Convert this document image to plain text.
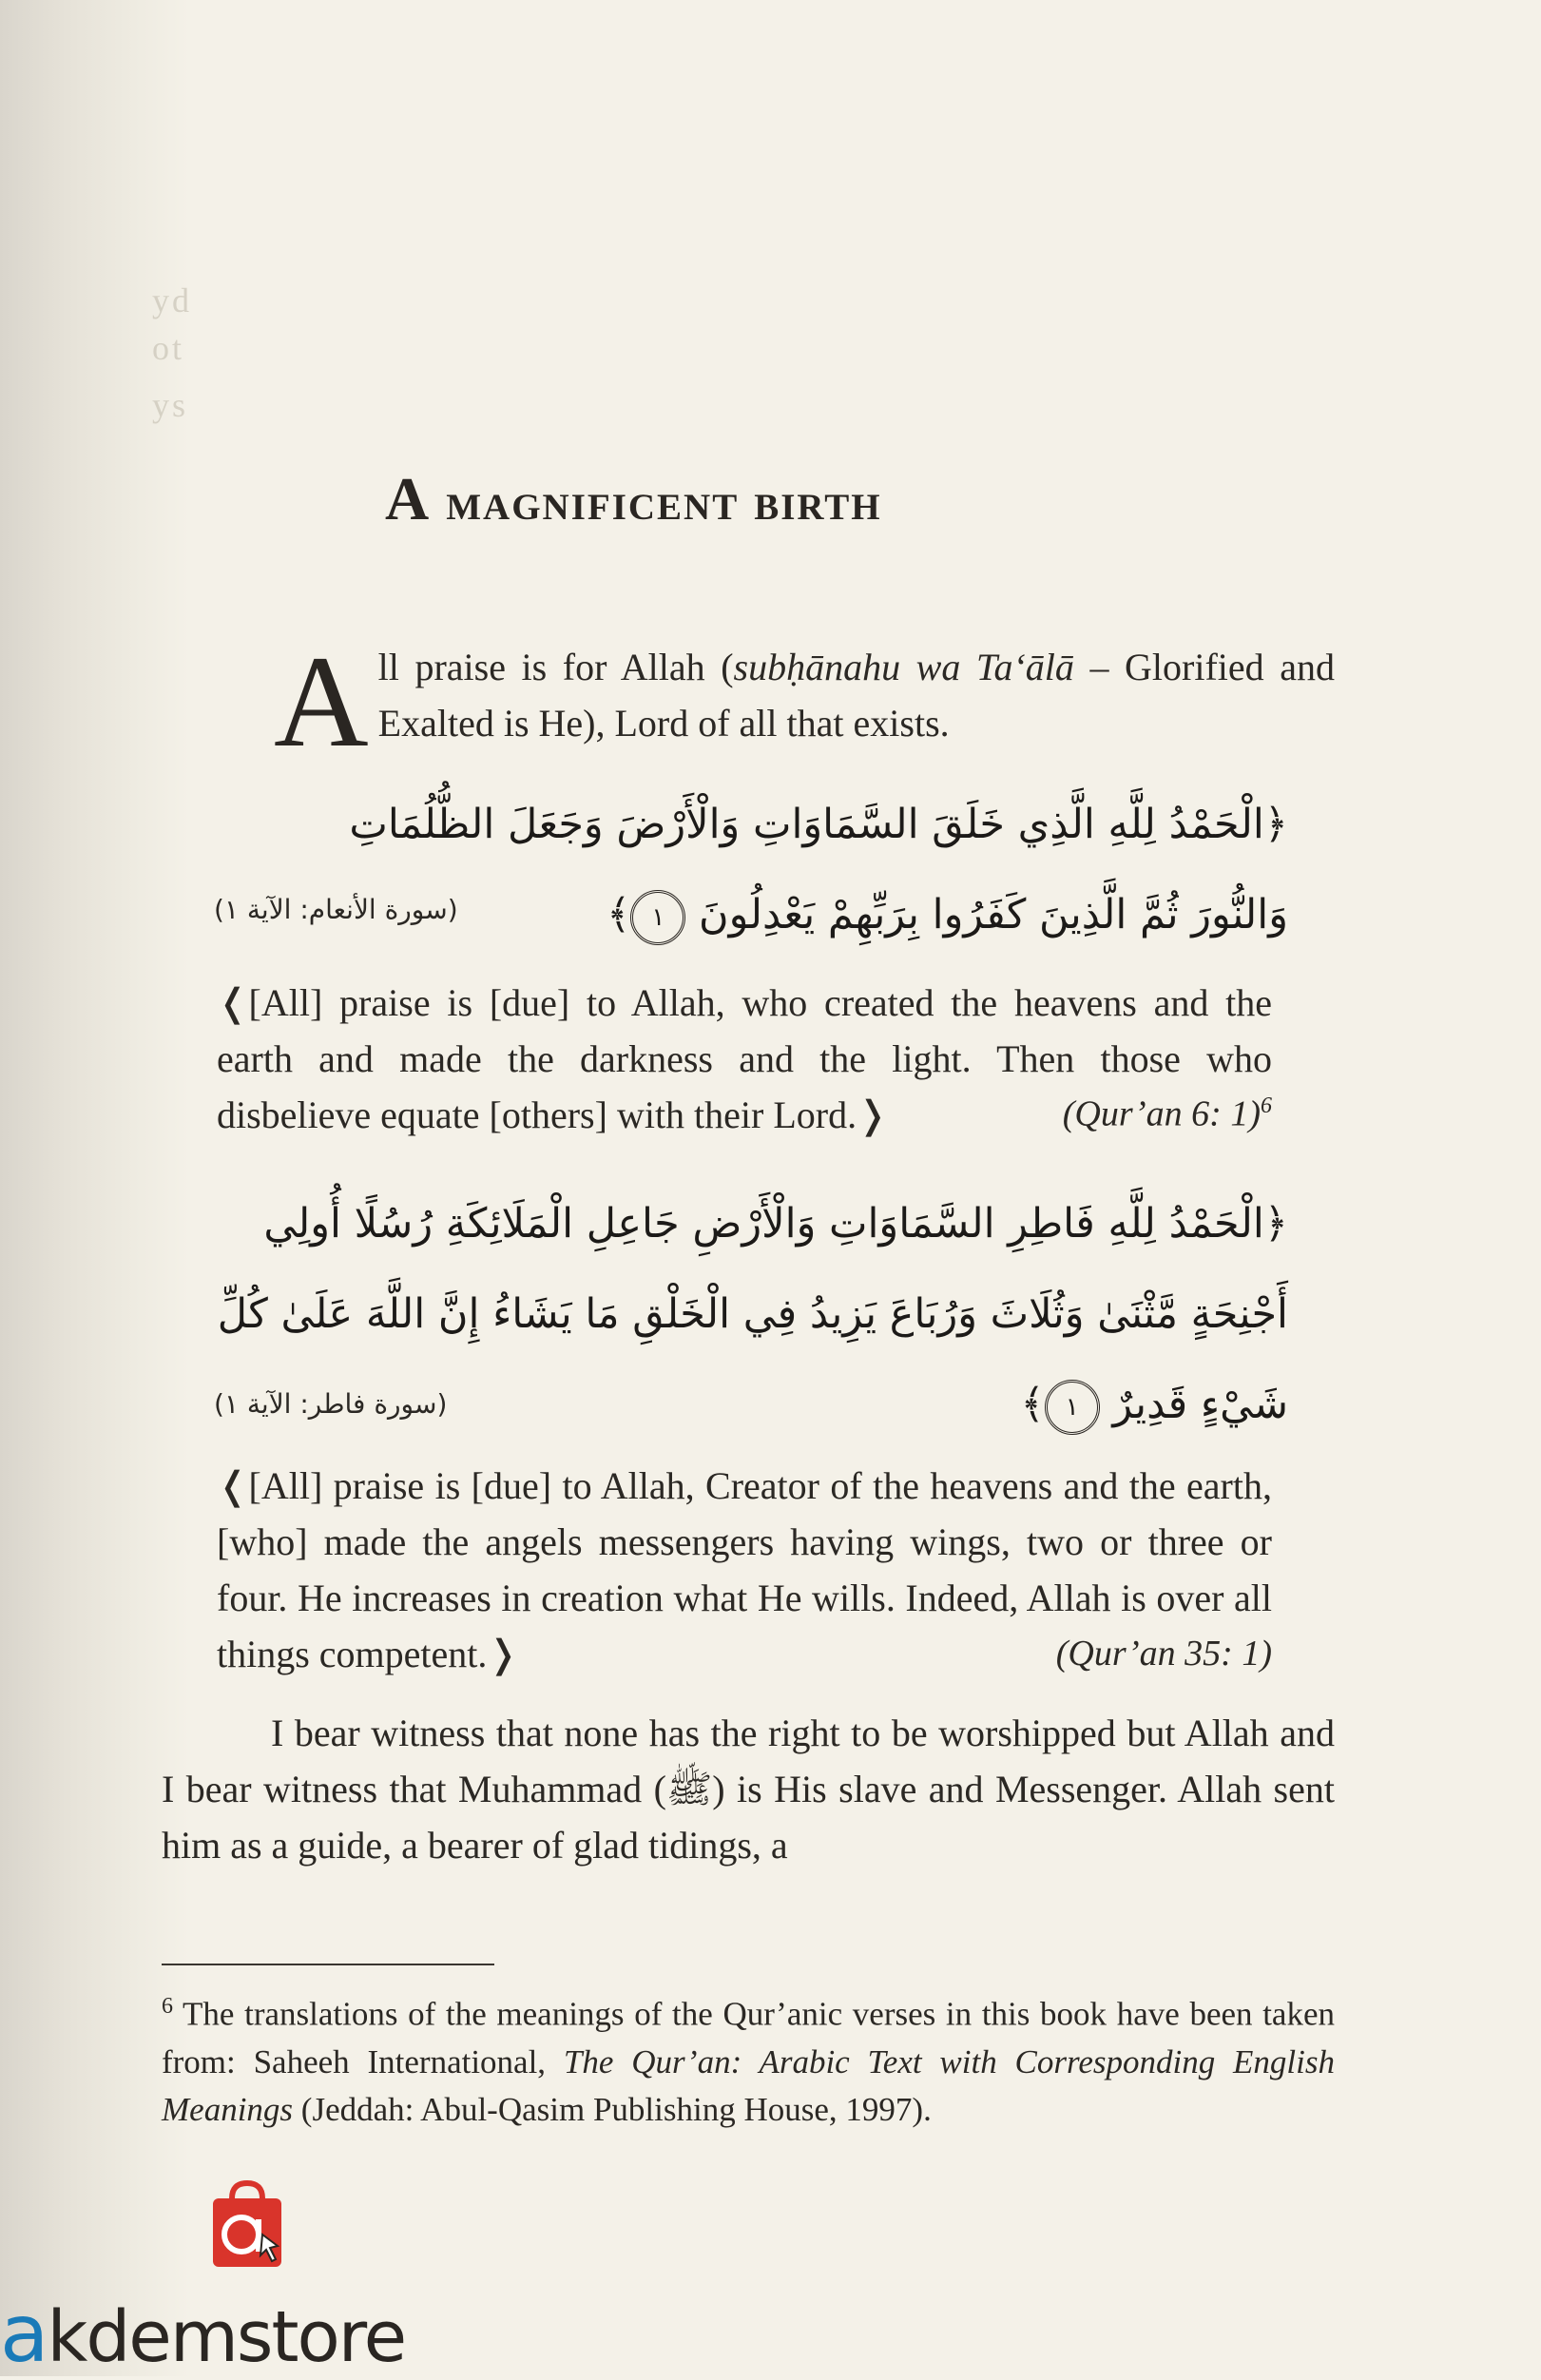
yd
ot
ys
A magnificent birth
All praise is for Allah (subḥānahu wa Ta‘ālā – Glorified and Exalted is He), Lord of all that exists.
﴿الْحَمْدُ لِلَّهِ الَّذِي خَلَقَ السَّمَاوَاتِ وَالْأَرْضَ وَجَعَلَ الظُّلُمَاتِ
وَالنُّورَ ثُمَّ الَّذِينَ كَفَرُوا بِرَبِّهِمْ يَعْدِلُونَ ١﴾
(سورة الأنعام: الآية ١)
❬[All] praise is [due] to Allah, who created the heavens and the earth and made the darkness and the light. Then those who disbelieve equate [others] with their Lord.❭	(Qur’an 6: 1)$^6$
﴿الْحَمْدُ لِلَّهِ فَاطِرِ السَّمَاوَاتِ وَالْأَرْضِ جَاعِلِ الْمَلَائِكَةِ رُسُلًا أُولِي
أَجْنِحَةٍ مَّثْنَىٰ وَثُلَاثَ وَرُبَاعَ يَزِيدُ فِي الْخَلْقِ مَا يَشَاءُ إِنَّ اللَّهَ عَلَىٰ كُلِّ
شَيْءٍ قَدِيرٌ ١﴾
(سورة فاطر: الآية ١)
❬[All] praise is [due] to Allah, Creator of the heavens and the earth, [who] made the angels messengers having wings, two or three or four. He increases in creation what He wills. Indeed, Allah is over all things competent.❭	(Qur’an 35: 1)
I bear witness that none has the right to be worshipped but Allah and I bear witness that Muhammad (ﷺ) is His slave and Messenger. Allah sent him as a guide, a bearer of glad tidings, a
$^6$ The translations of the meanings of the Qur’anic verses in this book have been taken from: Saheeh International, The Qur’an: Arabic Text with Corresponding English Meanings (Jeddah: Abul-Qasim Publishing House, 1997).
akdemstore
